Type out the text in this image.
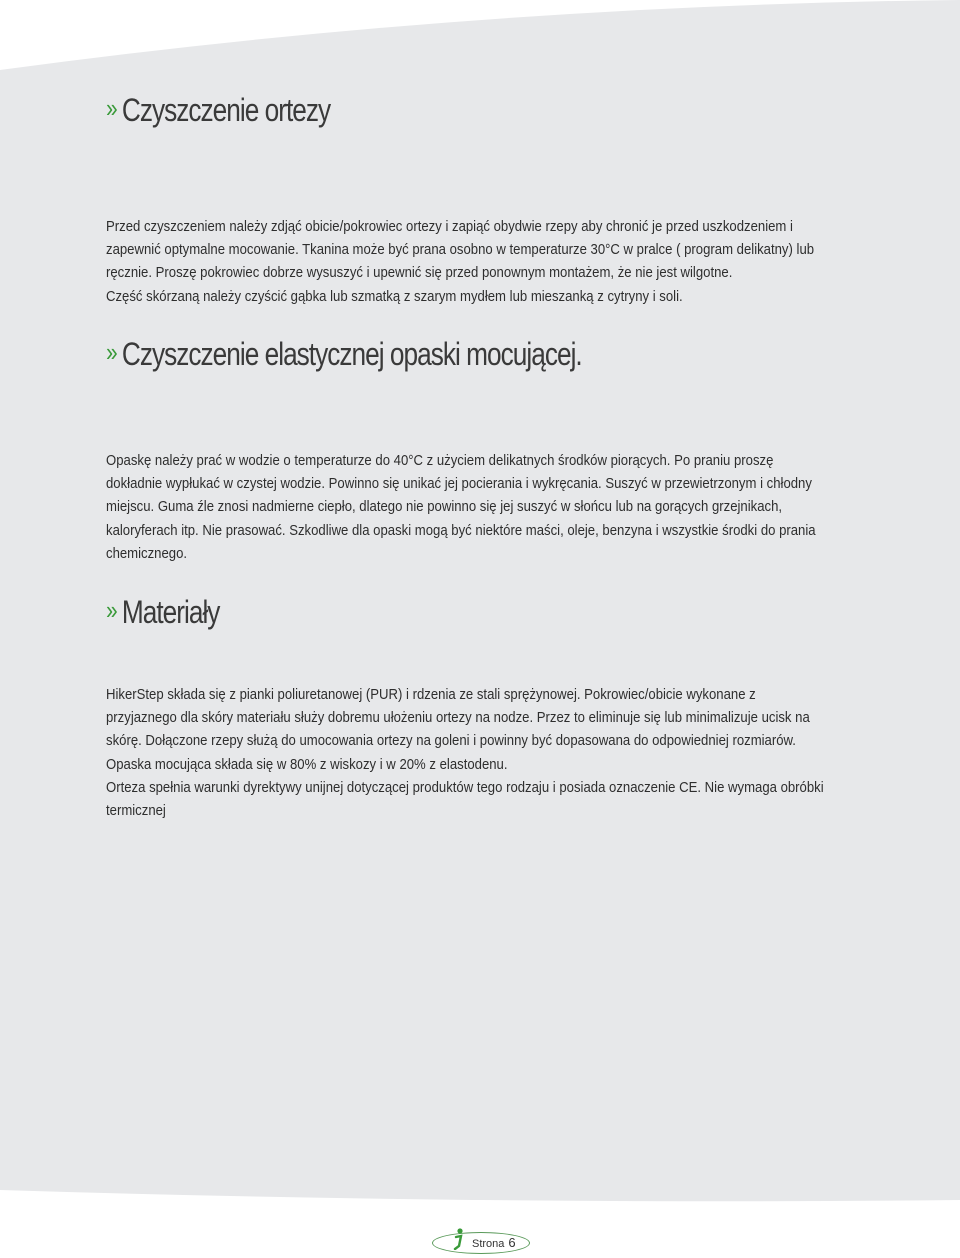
›› Czyszczenie ortezy

Przed czyszczeniem należy zdjąć obicie/pokrowiec ortezy i zapiąć obydwie rzepy aby chronić je przed uszkodzeniem i

zapewnić optymalne mocowanie. Tkanina może być prana osobno w temperaturze 30°C w pralce ( program delikatny) lub

ręcznie. Proszę pokrowiec dobrze wysuszyć i upewnić się przed ponownym montażem, że nie jest wilgotne.

Część skórzaną należy czyścić gąbka lub szmatką z szarym mydłem lub mieszanką z cytryny i soli.

›› Czyszczenie elastycznej opaski mocującej.

Opaskę należy prać w wodzie o temperaturze do 40°C z użyciem delikatnych środków piorących. Po praniu proszę

dokładnie wypłukać w czystej wodzie. Powinno się unikać jej pocierania i wykręcania. Suszyć w przewietrzonym i chłodny

miejscu. Guma źle znosi nadmierne ciepło, dlatego nie powinno się jej suszyć w słońcu lub na gorących grzejnikach,

kaloryferach itp. Nie prasować. Szkodliwe dla opaski mogą być niektóre maści, oleje, benzyna i wszystkie środki do prania

chemicznego.

›› Materiały

HikerStep składa się z pianki poliuretanowej (PUR) i rdzenia ze stali sprężynowej. Pokrowiec/obicie wykonane z

przyjaznego dla skóry materiału służy dobremu ułożeniu ortezy na nodze. Przez to eliminuje się lub minimalizuje ucisk na

skórę. Dołączone rzepy służą do umocowania ortezy na goleni i powinny być dopasowana do odpowiedniej rozmiarów.

Opaska mocująca składa się w 80% z wiskozy i w 20% z elastodenu.

Orteza spełnia warunki dyrektywy unijnej dotyczącej produktów tego rodzaju i posiada oznaczenie CE. Nie wymaga obróbki

termicznej

Strona 6
